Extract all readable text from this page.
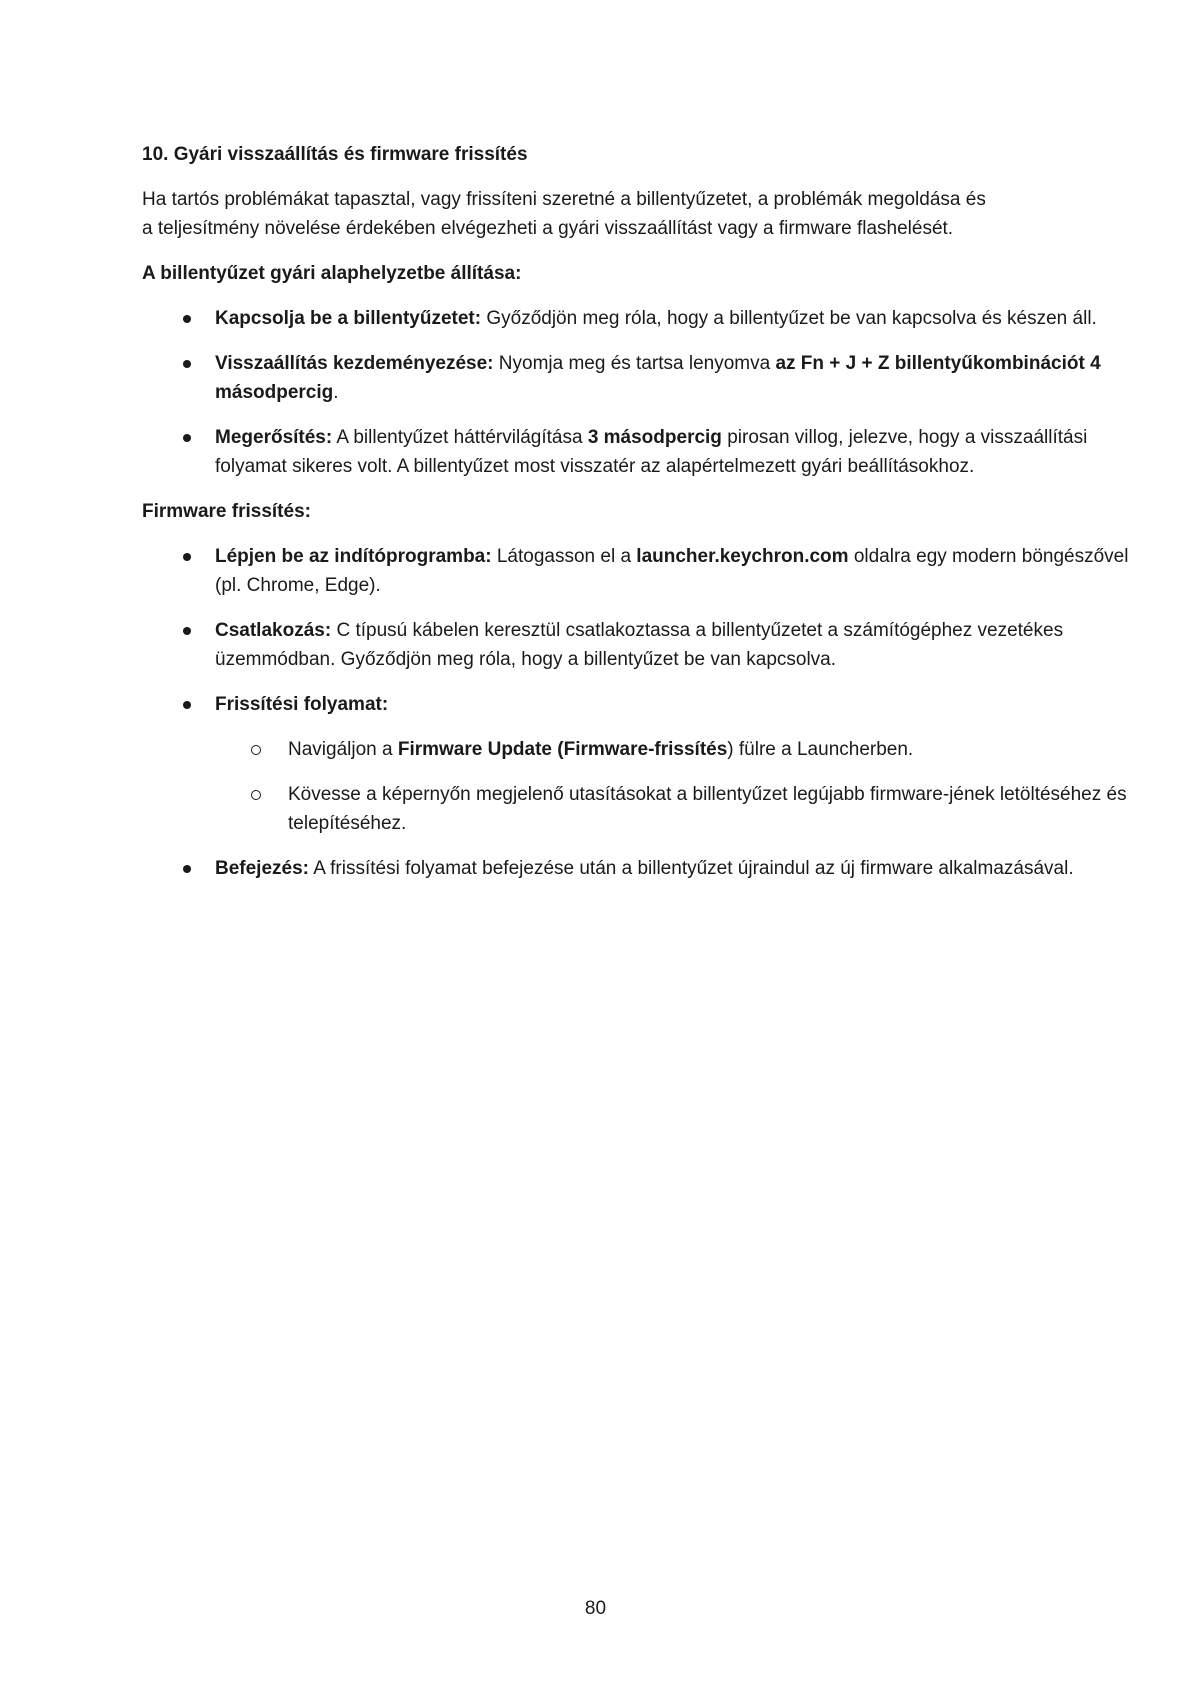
10. Gyári visszaállítás és firmware frissítés
Ha tartós problémákat tapasztal, vagy frissíteni szeretné a billentyűzetet, a problémák megoldása és
a teljesítmény növelése érdekében elvégezheti a gyári visszaállítást vagy a firmware flashelését.
A billentyűzet gyári alaphelyzetbe állítása:
Kapcsolja be a billentyűzetet: Győződjön meg róla, hogy a billentyűzet be van kapcsolva és készen áll.
Visszaállítás kezdeményezése: Nyomja meg és tartsa lenyomva az Fn + J + Z billentyűkombinációt 4 másodpercig.
Megerősítés: A billentyűzet háttérvilágítása 3 másodpercig pirosan villog, jelezve, hogy a visszaállítási folyamat sikeres volt. A billentyűzet most visszatér az alapértelmezett gyári beállításokhoz.
Firmware frissítés:
Lépjen be az indítóprogramba: Látogasson el a launcher.keychron.com oldalra egy modern böngészővel (pl. Chrome, Edge).
Csatlakozás: C típusú kábelen keresztül csatlakoztassa a billentyűzetet a számítógéphez vezetékes üzemmódban. Győződjön meg róla, hogy a billentyűzet be van kapcsolva.
Frissítési folyamat:
Navigáljon a Firmware Update (Firmware-frissítés) fülre a Launcherben.
Kövesse a képernyőn megjelenő utasításokat a billentyűzet legújabb firmware-jének letöltéséhez és telepítéséhez.
Befejezés: A frissítési folyamat befejezése után a billentyűzet újraindul az új firmware alkalmazásával.
80
